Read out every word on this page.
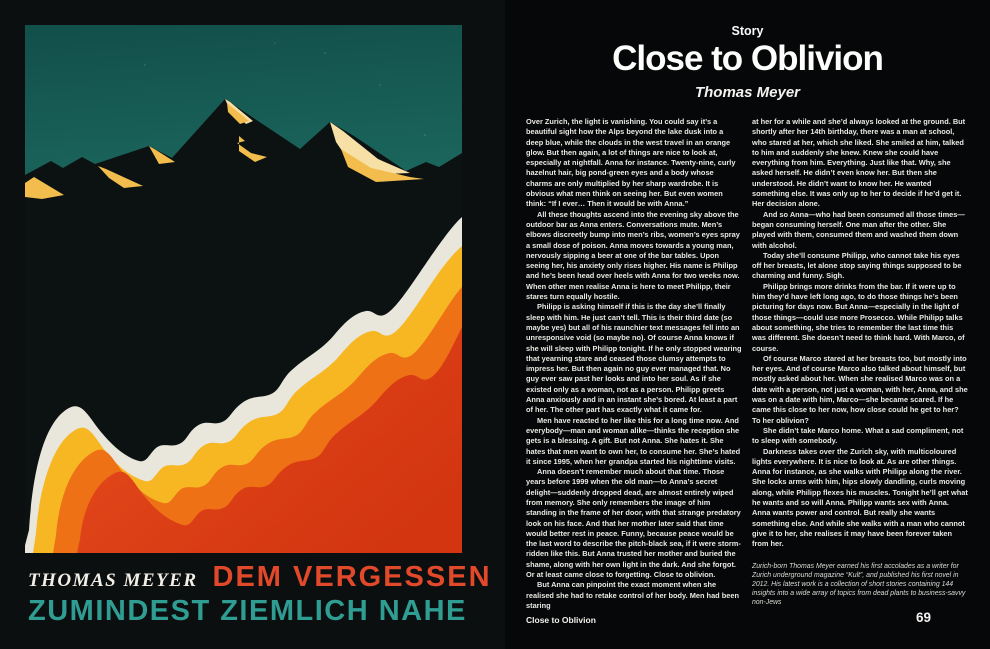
THOMAS MEYER DEM VERGESSEN
ZUMINDEST ZIEMLICH NAHE
Story
Close to Oblivion
Thomas Meyer

Over Zurich, the light is vanishing. You could say it’s a beautiful sight how the Alps beyond the lake dusk into a deep blue, while the clouds in the west travel in an orange glow. But then again, a lot of things are nice to look at, especially at nightfall. Anna for instance. Twenty-nine, curly hazelnut hair, big pond-green eyes and a body whose charms are only multiplied by her sharp wardrobe. It is obvious what men think on seeing her. But even women think: “If I ever… Then it would be with Anna.”

All these thoughts ascend into the evening sky above the outdoor bar as Anna enters. Conversations mute. Men’s elbows discreetly bump into men’s ribs, women’s eyes spray a small dose of poison. Anna moves towards a young man, nervously sipping a beer at one of the bar tables. Upon seeing her, his anxiety only rises higher. His name is Philipp and he’s been head over heels with Anna for two weeks now. When other men realise Anna is here to meet Philipp, their stares turn equally hostile.

Philipp is asking himself if this is the day she’ll finally sleep with him. He just can’t tell. This is their third date (so maybe yes) but all of his raunchier text messages fell into an unresponsive void (so maybe no). Of course Anna knows if she will sleep with Philipp tonight. If he only stopped wearing that yearning stare and ceased those clumsy attempts to impress her. But then again no guy ever managed that. No guy ever saw past her looks and into her soul. As if she existed only as a woman, not as a person. Philipp greets Anna anxiously and in an instant she’s bored. At least a part of her. The other part has exactly what it came for.

Men have reacted to her like this for a long time now. And everybody—man and woman alike—thinks the reception she gets is a blessing. A gift. But not Anna. She hates it. She hates that men want to own her, to consume her. She’s hated it since 1995, when her grandpa started his nighttime visits.

Anna doesn’t remember much about that time. Those years before 1999 when the old man—to Anna’s secret delight—suddenly dropped dead, are almost entirely wiped from memory. She only remembers the image of him standing in the frame of her door, with that strange predatory look on his face. And that her mother later said that time would better rest in peace. Funny, because peace would be the last word to describe the pitch-black sea, if it were storm-ridden like this. But Anna trusted her mother and buried the shame, along with her own light in the dark. And she forgot. Or at least came close to forgetting. Close to oblivion.

But Anna can pinpoint the exact moment when she realised she had to retake control of her body. Men had been staring

at her for a while and she’d always looked at the ground. But shortly after her 14th birthday, there was a man at school, who stared at her, which she liked. She smiled at him, talked to him and suddenly she knew. Knew she could have everything from him. Everything. Just like that. Why, she asked herself. He didn’t even know her. But then she understood. He didn’t want to know her. He wanted something else. It was only up to her to decide if he’d get it. Her decision alone.

And so Anna—who had been consumed all those times—began consuming herself. One man after the other. She played with them, consumed them and washed them down with alcohol.

Today she’ll consume Philipp, who cannot take his eyes off her breasts, let alone stop saying things supposed to be charming and funny. Sigh.

Philipp brings more drinks from the bar. If it were up to him they’d have left long ago, to do those things he’s been picturing for days now. But Anna—especially in the light of those things—could use more Prosecco. While Philipp talks about something, she tries to remember the last time this was different. She doesn’t need to think hard. With Marco, of course.

Of course Marco stared at her breasts too, but mostly into her eyes. And of course Marco also talked about himself, but mostly asked about her. When she realised Marco was on a date with a person, not just a woman, with her, Anna, and she was on a date with him, Marco—she became scared. If he came this close to her now, how close could he get to her? To her oblivion?

She didn’t take Marco home. What a sad compliment, not to sleep with somebody.

Darkness takes over the Zurich sky, with multicoloured lights everywhere. It is nice to look at. As are other things. Anna for instance, as she walks with Philipp along the river. She locks arms with him, hips slowly dandling, curls moving along, while Philipp flexes his muscles. Tonight he’ll get what he wants and so will Anna. Philipp wants sex with Anna. Anna wants power and control. But really she wants something else. And while she walks with a man who cannot give it to her, she realises it may have been forever taken from her.

Zurich-born Thomas Meyer earned his first accolades as a writer for Zurich underground magazine “Kult”, and published his first novel in 2012. His latest work is a collection of short stories containing 144 insights into a wide array of topics from dead plants to business-savvy non-Jews

Close to Oblivion	69
